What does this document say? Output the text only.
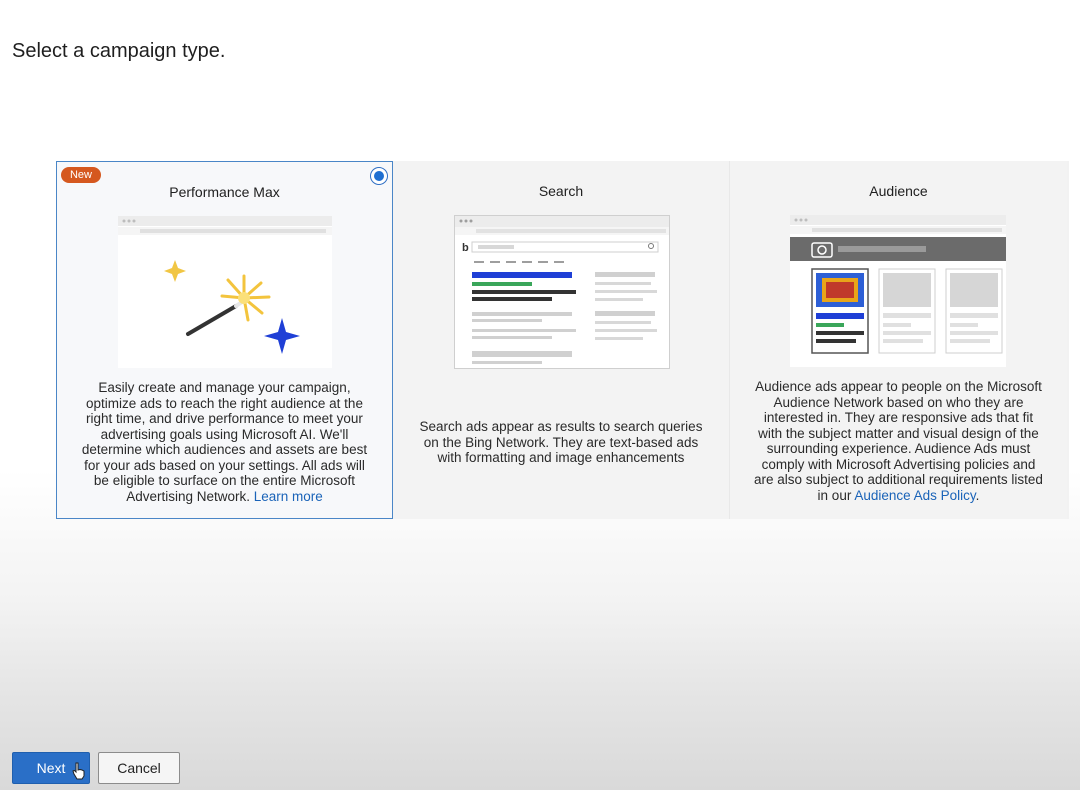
Select a campaign type.
New
Performance Max
Easily create and manage your campaign, optimize ads to reach the right audience at the right time, and drive performance to meet your advertising goals using Microsoft AI. We'll determine which audiences and assets are best for your ads based on your settings. All ads will be eligible to surface on the entire Microsoft Advertising Network. Learn more
Search
b
Search ads appear as results to search queries on the Bing Network. They are text-based ads with formatting and image enhancements
Audience
Audience ads appear to people on the Microsoft Audience Network based on who they are interested in. They are responsive ads that fit with the subject matter and visual design of the surrounding experience. Audience Ads must comply with Microsoft Advertising policies and are also subject to additional requirements listed in our Audience Ads Policy.
Next	Cancel
